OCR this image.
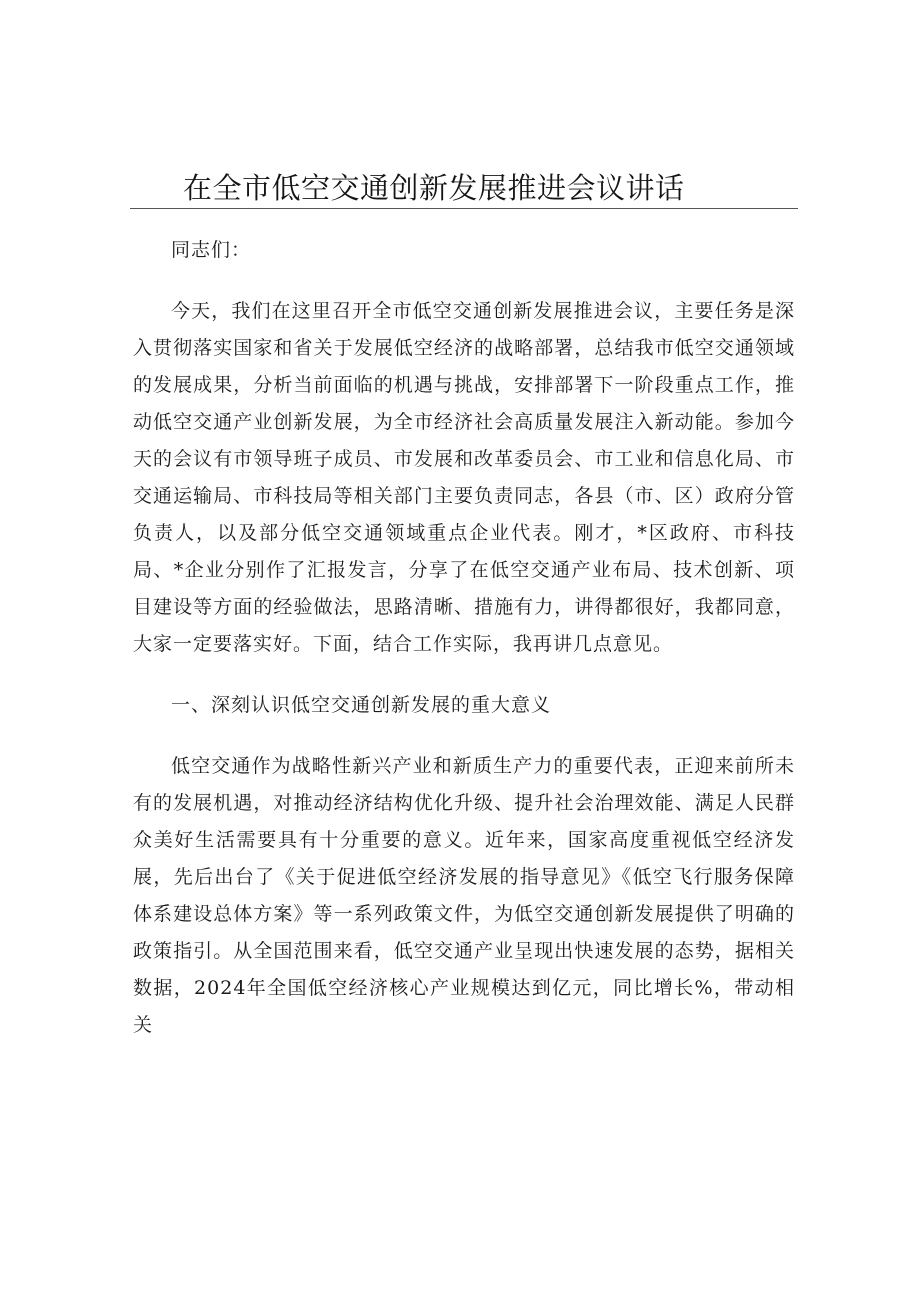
在全市低空交通创新发展推进会议讲话

同志们：

今天，我们在这里召开全市低空交通创新发展推进会议，主要任务是深入贯彻落实国家和省关于发展低空经济的战略部署，总结我市低空交通领域的发展成果，分析当前面临的机遇与挑战，安排部署下一阶段重点工作，推动低空交通产业创新发展，为全市经济社会高质量发展注入新动能。参加今天的会议有市领导班子成员、市发展和改革委员会、市工业和信息化局、市交通运输局、市科技局等相关部门主要负责同志，各县（市、区）政府分管负责人，以及部分低空交通领域重点企业代表。刚才，*区政府、市科技局、*企业分别作了汇报发言，分享了在低空交通产业布局、技术创新、项目建设等方面的经验做法，思路清晰、措施有力，讲得都很好，我都同意，大家一定要落实好。下面，结合工作实际，我再讲几点意见。

一、深刻认识低空交通创新发展的重大意义

低空交通作为战略性新兴产业和新质生产力的重要代表，正迎来前所未有的发展机遇，对推动经济结构优化升级、提升社会治理效能、满足人民群众美好生活需要具有十分重要的意义。近年来，国家高度重视低空经济发展，先后出台了《关于促进低空经济发展的指导意见》《低空飞行服务保障体系建设总体方案》等一系列政策文件，为低空交通创新发展提供了明确的政策指引。从全国范围来看，低空交通产业呈现出快速发展的态势，据相关数据，2024年全国低空经济核心产业规模达到亿元，同比增长%，带动相关
